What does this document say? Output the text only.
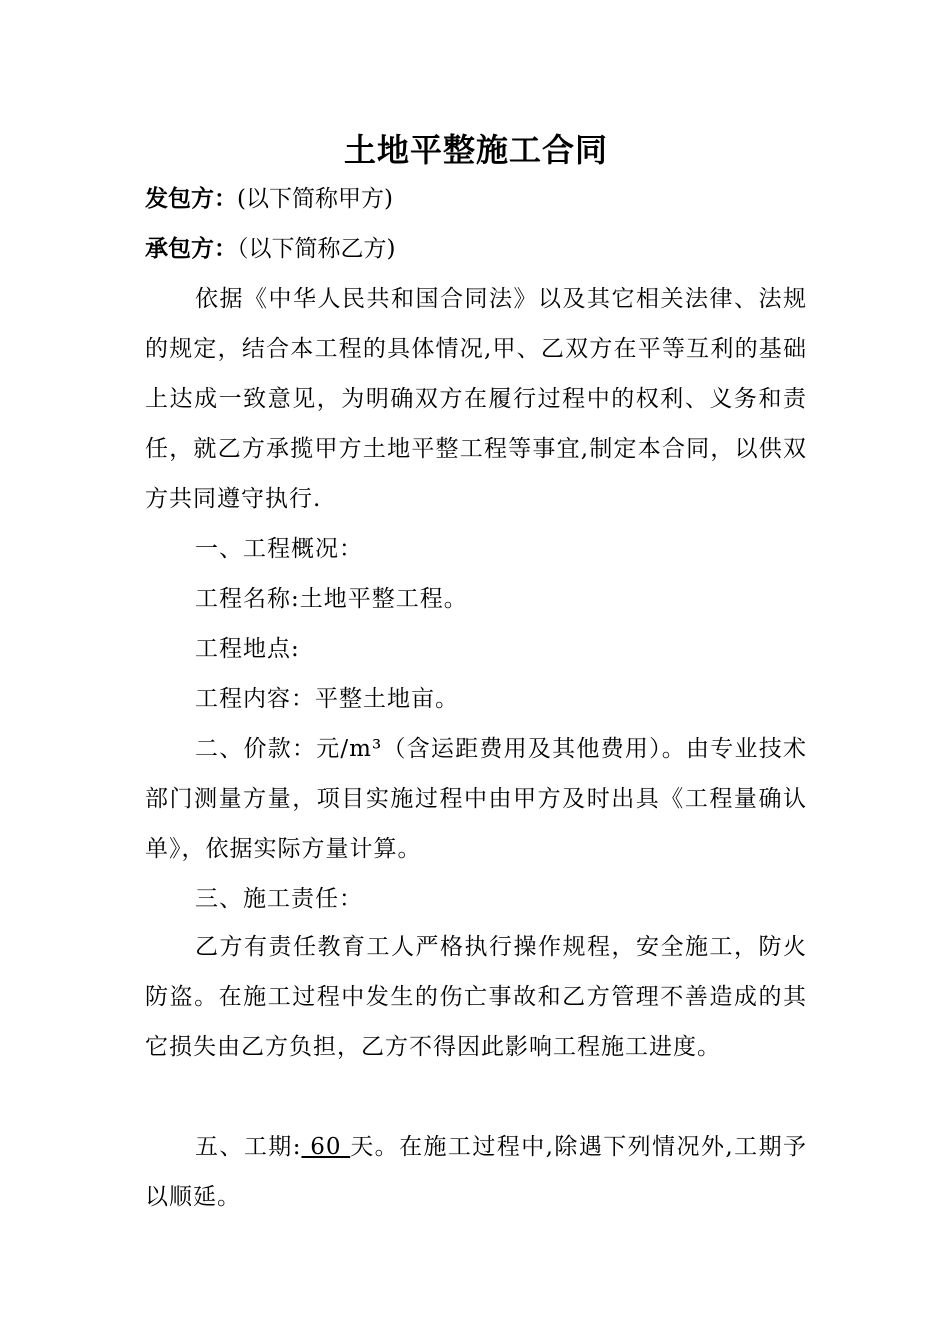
土地平整施工合同
发包方：(以下简称甲方)
承包方：（以下简称乙方)
依据《中华人民共和国合同法》以及其它相关法律、法规的规定，结合本工程的具体情况,甲、乙双方在平等互利的基础上达成一致意见，为明确双方在履行过程中的权利、义务和责任，就乙方承揽甲方土地平整工程等事宜,制定本合同，以供双方共同遵守执行.
一、工程概况：
工程名称:土地平整工程。
工程地点:
工程内容：平整土地亩。
二、价款：元/m³（含运距费用及其他费用）。由专业技术部门测量方量，项目实施过程中由甲方及时出具《工程量确认单》，依据实际方量计算。
三、施工责任：
乙方有责任教育工人严格执行操作规程，安全施工，防火防盗。在施工过程中发生的伤亡事故和乙方管理不善造成的其它损失由乙方负担，乙方不得因此影响工程施工进度。
五、工期: 60 天。在施工过程中,除遇下列情况外,工期予以顺延。
